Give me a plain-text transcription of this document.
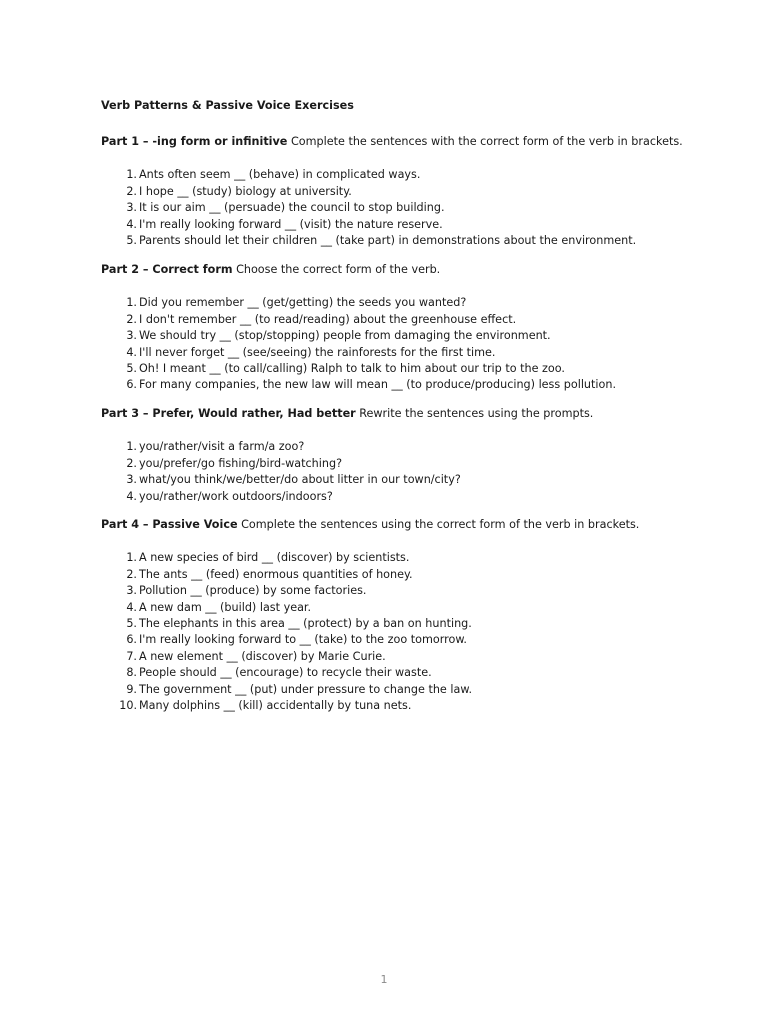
Verb Patterns & Passive Voice Exercises
Part 1 – -ing form or infinitive Complete the sentences with the correct form of the verb in brackets.
1. Ants often seem __ (behave) in complicated ways.
2. I hope __ (study) biology at university.
3. It is our aim __ (persuade) the council to stop building.
4. I'm really looking forward __ (visit) the nature reserve.
5. Parents should let their children __ (take part) in demonstrations about the environment.
Part 2 – Correct form Choose the correct form of the verb.
1. Did you remember __ (get/getting) the seeds you wanted?
2. I don't remember __ (to read/reading) about the greenhouse effect.
3. We should try __ (stop/stopping) people from damaging the environment.
4. I'll never forget __ (see/seeing) the rainforests for the first time.
5. Oh! I meant __ (to call/calling) Ralph to talk to him about our trip to the zoo.
6. For many companies, the new law will mean __ (to produce/producing) less pollution.
Part 3 – Prefer, Would rather, Had better Rewrite the sentences using the prompts.
1. you/rather/visit a farm/a zoo?
2. you/prefer/go fishing/bird-watching?
3. what/you think/we/better/do about litter in our town/city?
4. you/rather/work outdoors/indoors?
Part 4 – Passive Voice Complete the sentences using the correct form of the verb in brackets.
1. A new species of bird __ (discover) by scientists.
2. The ants __ (feed) enormous quantities of honey.
3. Pollution __ (produce) by some factories.
4. A new dam __ (build) last year.
5. The elephants in this area __ (protect) by a ban on hunting.
6. I'm really looking forward to __ (take) to the zoo tomorrow.
7. A new element __ (discover) by Marie Curie.
8. People should __ (encourage) to recycle their waste.
9. The government __ (put) under pressure to change the law.
10. Many dolphins __ (kill) accidentally by tuna nets.
1
